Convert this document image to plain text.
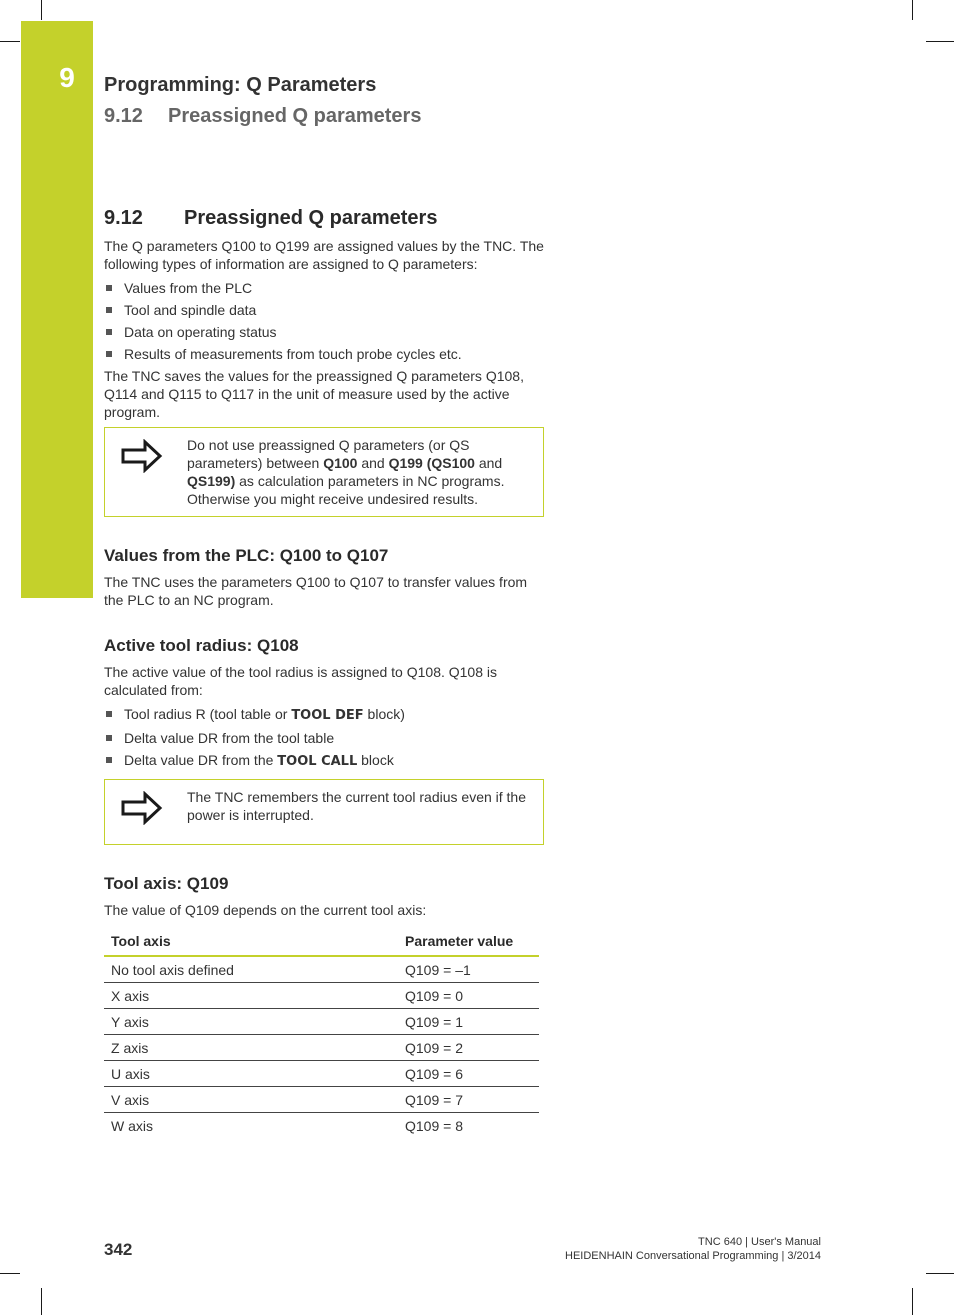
9	Programming: Q Parameters
9.12 Preassigned Q parameters
9.12 Preassigned Q parameters

The Q parameters Q100 to Q199 are assigned values by the TNC. The following types of information are assigned to Q parameters:

Values from the PLC
Tool and spindle data
Data on operating status
Results of measurements from touch probe cycles etc.

The TNC saves the values for the preassigned Q parameters Q108, Q114 and Q115 to Q117 in the unit of measure used by the active program.

Do not use preassigned Q parameters (or QS parameters) between Q100 and Q199 (QS100 and QS199) as calculation parameters in NC programs. Otherwise you might receive undesired results.
Values from the PLC: Q100 to Q107

The TNC uses the parameters Q100 to Q107 to transfer values from the PLC to an NC program.

Active tool radius: Q108

The active value of the tool radius is assigned to Q108. Q108 is calculated from:

Tool radius R (tool table or TOOL DEF block)
Delta value DR from the tool table
Delta value DR from the TOOL CALL block
The TNC remembers the current tool radius even if the power is interrupted.
Tool axis: Q109

The value of Q109 depends on the current tool axis:

Tool axis	Parameter value
No tool axis defined	Q109 = –1
X axis	Q109 = 0
Y axis	Q109 = 1
Z axis	Q109 = 2
U axis	Q109 = 6
V axis	Q109 = 7
W axis	Q109 = 8

342	TNC 640 | User's Manual
HEIDENHAIN Conversational Programming | 3/2014
